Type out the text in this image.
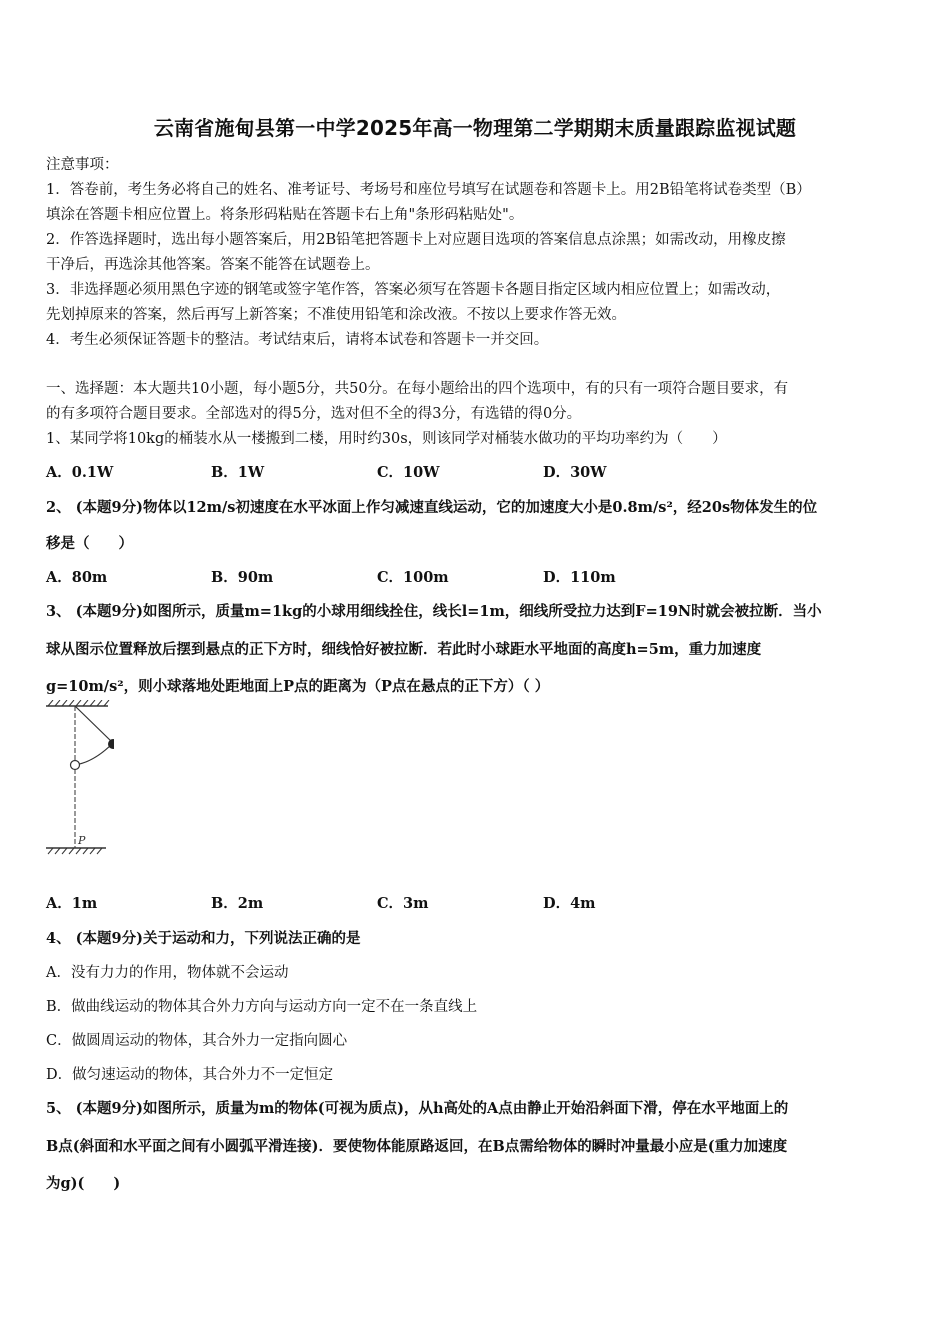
云南省施甸县第一中学2025年高一物理第二学期期末质量跟踪监视试题
注意事项：
1．答卷前，考生务必将自己的姓名、准考证号、考场号和座位号填写在试题卷和答题卡上。用2B铅笔将试卷类型（B）
填涂在答题卡相应位置上。将条形码粘贴在答题卡右上角"条形码粘贴处"。
2．作答选择题时，选出每小题答案后，用2B铅笔把答题卡上对应题目选项的答案信息点涂黑；如需改动，用橡皮擦
干净后，再选涂其他答案。答案不能答在试题卷上。
3．非选择题必须用黑色字迹的钢笔或签字笔作答，答案必须写在答题卡各题目指定区域内相应位置上；如需改动，
先划掉原来的答案，然后再写上新答案；不准使用铅笔和涂改液。不按以上要求作答无效。
4．考生必须保证答题卡的整洁。考试结束后，请将本试卷和答题卡一并交回。
一、选择题：本大题共10小题，每小题5分，共50分。在每小题给出的四个选项中，有的只有一项符合题目要求，有
的有多项符合题目要求。全部选对的得5分，选对但不全的得3分，有选错的得0分。
1、某同学将10kg的桶装水从一楼搬到二楼，用时约30s，则该同学对桶装水做功的平均功率约为（　　）
A．0.1W	B．1W	C．10W	D．30W
2、 (本题9分)物体以12m/s初速度在水平冰面上作匀减速直线运动，它的加速度大小是0.8m/s²，经20s物体发生的位
移是（　　）
A．80m	B．90m	C．100m	D．110m
3、 (本题9分)如图所示，质量m=1kg的小球用细线拴住，线长l=1m，细线所受拉力达到F=19N时就会被拉断．当小
球从图示位置释放后摆到悬点的正下方时，细线恰好被拉断．若此时小球距水平地面的高度h=5m，重力加速度
g=10m/s²，则小球落地处距地面上P点的距离为（P点在悬点的正下方）（ ）
P
A．1m	B．2m	C．3m	D．4m
4、 (本题9分)关于运动和力，下列说法正确的是
A．没有力力的作用，物体就不会运动
B．做曲线运动的物体其合外力方向与运动方向一定不在一条直线上
C．做圆周运动的物体，其合外力一定指向圆心
D．做匀速运动的物体，其合外力不一定恒定
5、 (本题9分)如图所示，质量为m的物体(可视为质点)，从h高处的A点由静止开始沿斜面下滑，停在水平地面上的
B点(斜面和水平面之间有小圆弧平滑连接)．要使物体能原路返回，在B点需给物体的瞬时冲量最小应是(重力加速度
为g)(　　)
